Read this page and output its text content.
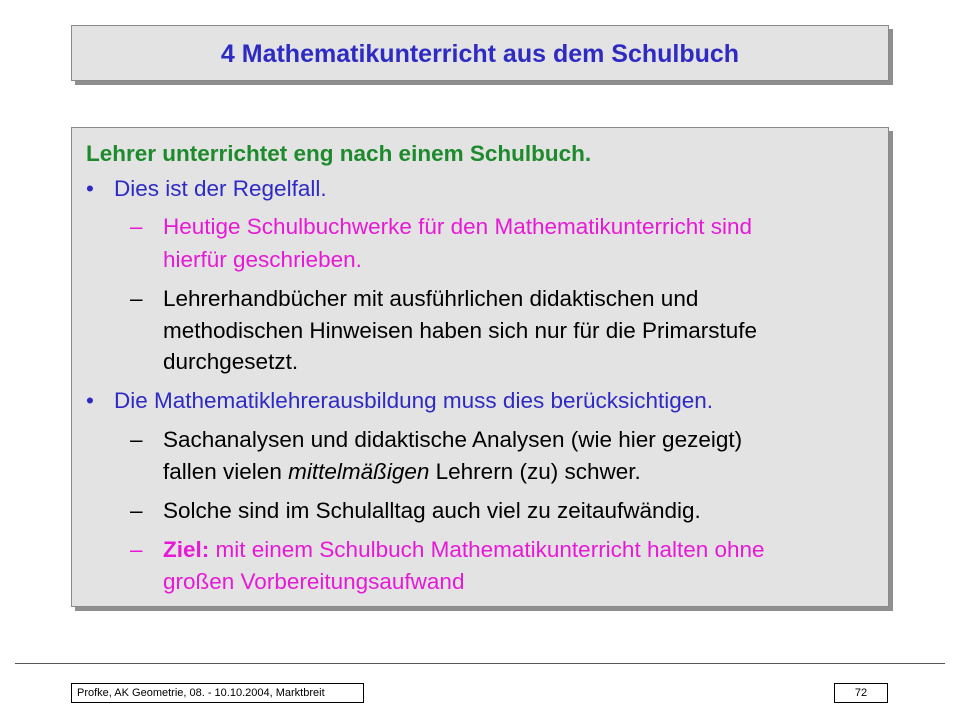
4 Mathematikunterricht aus dem Schulbuch
Lehrer unterrichtet eng nach einem Schulbuch.
• Dies ist der Regelfall.
– Heutige Schulbuchwerke für den Mathematikunterricht sind
hierfür geschrieben.
– Lehrerhandbücher mit ausführlichen didaktischen und
methodischen Hinweisen haben sich nur für die Primarstufe
durchgesetzt.
• Die Mathematiklehrerausbildung muss dies berücksichtigen.
– Sachanalysen und didaktische Analysen (wie hier gezeigt)
fallen vielen mittelmäßigen Lehrern (zu) schwer.
– Solche sind im Schulalltag auch viel zu zeitaufwändig.
– Ziel: mit einem Schulbuch Mathematikunterricht halten ohne
großen Vorbereitungsaufwand
Profke, AK Geometrie, 08. - 10.10.2004, Marktbreit	72
